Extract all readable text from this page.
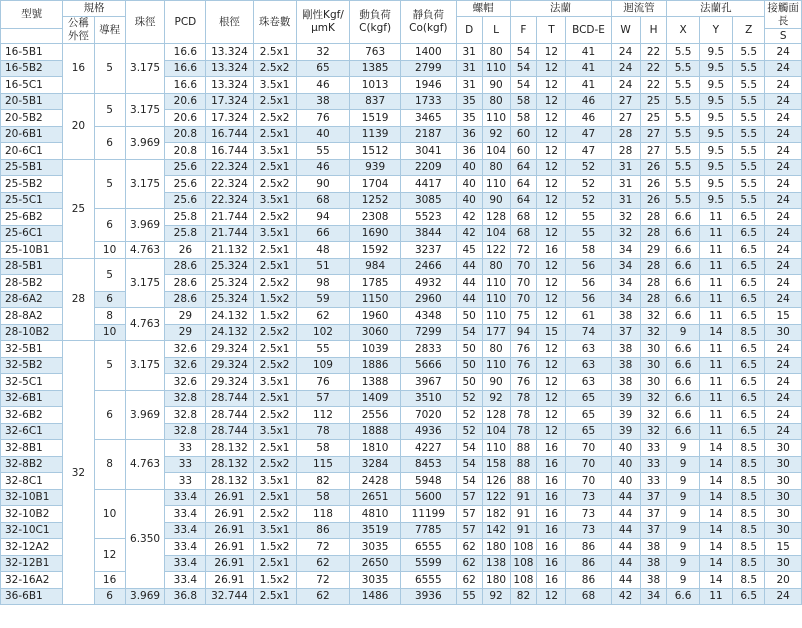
型號	規格		珠徑	PCD	根徑	珠卷數	剛性Kgf/μmK	動負荷C(kgf)	靜負荷Co(kgf)	螺帽		法蘭			迴流管		法蘭孔			接觸面長
	公稱外徑	導程								D	L	F	T	BCD-E	W	H	X	Y	Z	
																				S
16-5B1	16	5	3.175	16.6	13.324	2.5x1	32	763	1400	31	80	54	12	41	24	22	5.5	9.5	5.5	24
16-5B2				16.6	13.324	2.5x2	65	1385	2799	31	110	54	12	41	24	22	5.5	9.5	5.5	24
16-5C1				16.6	13.324	3.5x1	46	1013	1946	31	90	54	12	41	24	22	5.5	9.5	5.5	24
20-5B1	20	5	3.175	20.6	17.324	2.5x1	38	837	1733	35	80	58	12	46	27	25	5.5	9.5	5.5	24
20-5B2				20.6	17.324	2.5x2	76	1519	3465	35	110	58	12	46	27	25	5.5	9.5	5.5	24
20-6B1		6	3.969	20.8	16.744	2.5x1	40	1139	2187	36	92	60	12	47	28	27	5.5	9.5	5.5	24
20-6C1				20.8	16.744	3.5x1	55	1512	3041	36	104	60	12	47	28	27	5.5	9.5	5.5	24
25-5B1	25	5	3.175	25.6	22.324	2.5x1	46	939	2209	40	80	64	12	52	31	26	5.5	9.5	5.5	24
25-5B2				25.6	22.324	2.5x2	90	1704	4417	40	110	64	12	52	31	26	5.5	9.5	5.5	24
25-5C1				25.6	22.324	3.5x1	68	1252	3085	40	90	64	12	52	31	26	5.5	9.5	5.5	24
25-6B2		6	3.969	25.8	21.744	2.5x2	94	2308	5523	42	128	68	12	55	32	28	6.6	11	6.5	24
25-6C1				25.8	21.744	3.5x1	66	1690	3844	42	104	68	12	55	32	28	6.6	11	6.5	24
25-10B1		10	4.763	26	21.132	2.5x1	48	1592	3237	45	122	72	16	58	34	29	6.6	11	6.5	24
28-5B1	28	5	3.175	28.6	25.324	2.5x1	51	984	2466	44	80	70	12	56	34	28	6.6	11	6.5	24
28-5B2				28.6	25.324	2.5x2	98	1785	4932	44	110	70	12	56	34	28	6.6	11	6.5	24
28-6A2		6		28.6	25.324	1.5x2	59	1150	2960	44	110	70	12	56	34	28	6.6	11	6.5	24
28-8A2		8	4.763	29	24.132	1.5x2	62	1960	4348	50	110	75	12	61	38	32	6.6	11	6.5	15
28-10B2		10		29	24.132	2.5x2	102	3060	7299	54	177	94	15	74	37	32	9	14	8.5	30
32-5B1	32	5	3.175	32.6	29.324	2.5x1	55	1039	2833	50	80	76	12	63	38	30	6.6	11	6.5	24
32-5B2				32.6	29.324	2.5x2	109	1886	5666	50	110	76	12	63	38	30	6.6	11	6.5	24
32-5C1				32.6	29.324	3.5x1	76	1388	3967	50	90	76	12	63	38	30	6.6	11	6.5	24
32-6B1		6	3.969	32.8	28.744	2.5x1	57	1409	3510	52	92	78	12	65	39	32	6.6	11	6.5	24
32-6B2				32.8	28.744	2.5x2	112	2556	7020	52	128	78	12	65	39	32	6.6	11	6.5	24
32-6C1				32.8	28.744	3.5x1	78	1888	4936	52	104	78	12	65	39	32	6.6	11	6.5	24
32-8B1		8	4.763	33	28.132	2.5x1	58	1810	4227	54	110	88	16	70	40	33	9	14	8.5	30
32-8B2				33	28.132	2.5x2	115	3284	8453	54	158	88	16	70	40	33	9	14	8.5	30
32-8C1				33	28.132	3.5x1	82	2428	5948	54	126	88	16	70	40	33	9	14	8.5	30
32-10B1		10	6.350	33.4	26.91	2.5x1	58	2651	5600	57	122	91	16	73	44	37	9	14	8.5	30
32-10B2				33.4	26.91	2.5x2	118	4810	11199	57	182	91	16	73	44	37	9	14	8.5	30
32-10C1				33.4	26.91	3.5x1	86	3519	7785	57	142	91	16	73	44	37	9	14	8.5	30
32-12A2		12		33.4	26.91	1.5x2	72	3035	6555	62	180	108	16	86	44	38	9	14	8.5	15
32-12B1				33.4	26.91	2.5x1	62	2650	5599	62	138	108	16	86	44	38	9	14	8.5	30
32-16A2		16		33.4	26.91	1.5x2	72	3035	6555	62	180	108	16	86	44	38	9	14	8.5	20
36-6B1		6	3.969	36.8	32.744	2.5x1	62	1486	3936	55	92	82	12	68	42	34	6.6	11	6.5	24
